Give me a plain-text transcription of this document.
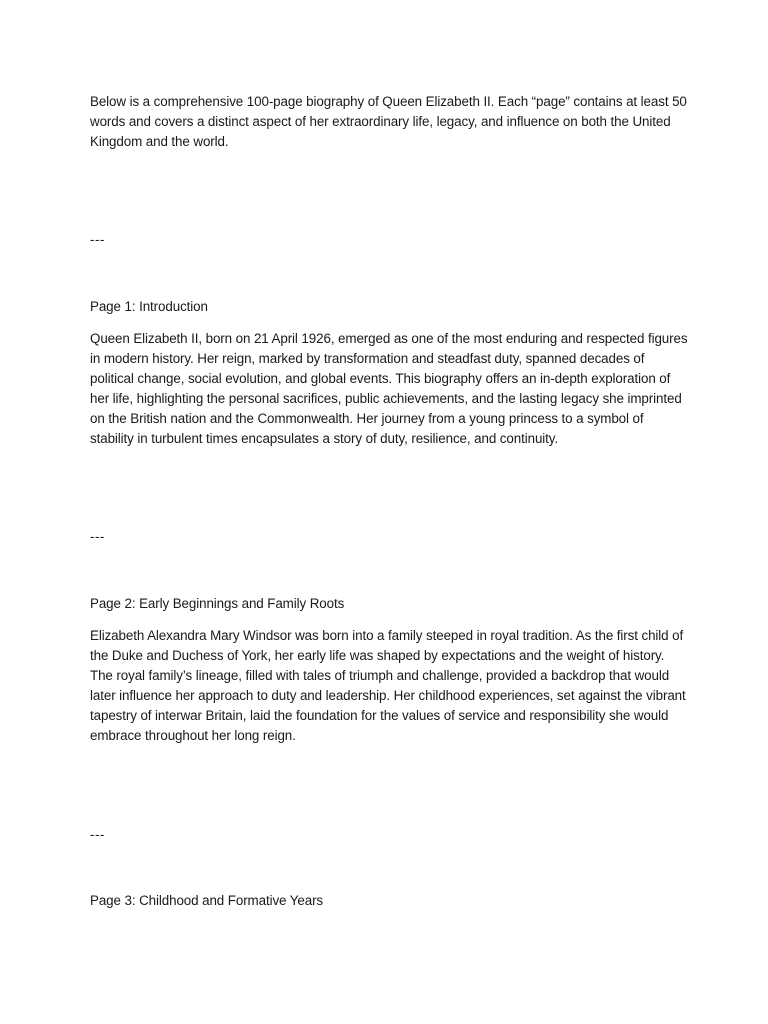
Below is a comprehensive 100-page biography of Queen Elizabeth II. Each “page” contains at least 50 words and covers a distinct aspect of her extraordinary life, legacy, and influence on both the United Kingdom and the world.

---

Page 1: Introduction

Queen Elizabeth II, born on 21 April 1926, emerged as one of the most enduring and respected figures in modern history. Her reign, marked by transformation and steadfast duty, spanned decades of political change, social evolution, and global events. This biography offers an in-depth exploration of her life, highlighting the personal sacrifices, public achievements, and the lasting legacy she imprinted on the British nation and the Commonwealth. Her journey from a young princess to a symbol of stability in turbulent times encapsulates a story of duty, resilience, and continuity.

---

Page 2: Early Beginnings and Family Roots

Elizabeth Alexandra Mary Windsor was born into a family steeped in royal tradition. As the first child of the Duke and Duchess of York, her early life was shaped by expectations and the weight of history. The royal family’s lineage, filled with tales of triumph and challenge, provided a backdrop that would later influence her approach to duty and leadership. Her childhood experiences, set against the vibrant tapestry of interwar Britain, laid the foundation for the values of service and responsibility she would embrace throughout her long reign.

---

Page 3: Childhood and Formative Years
